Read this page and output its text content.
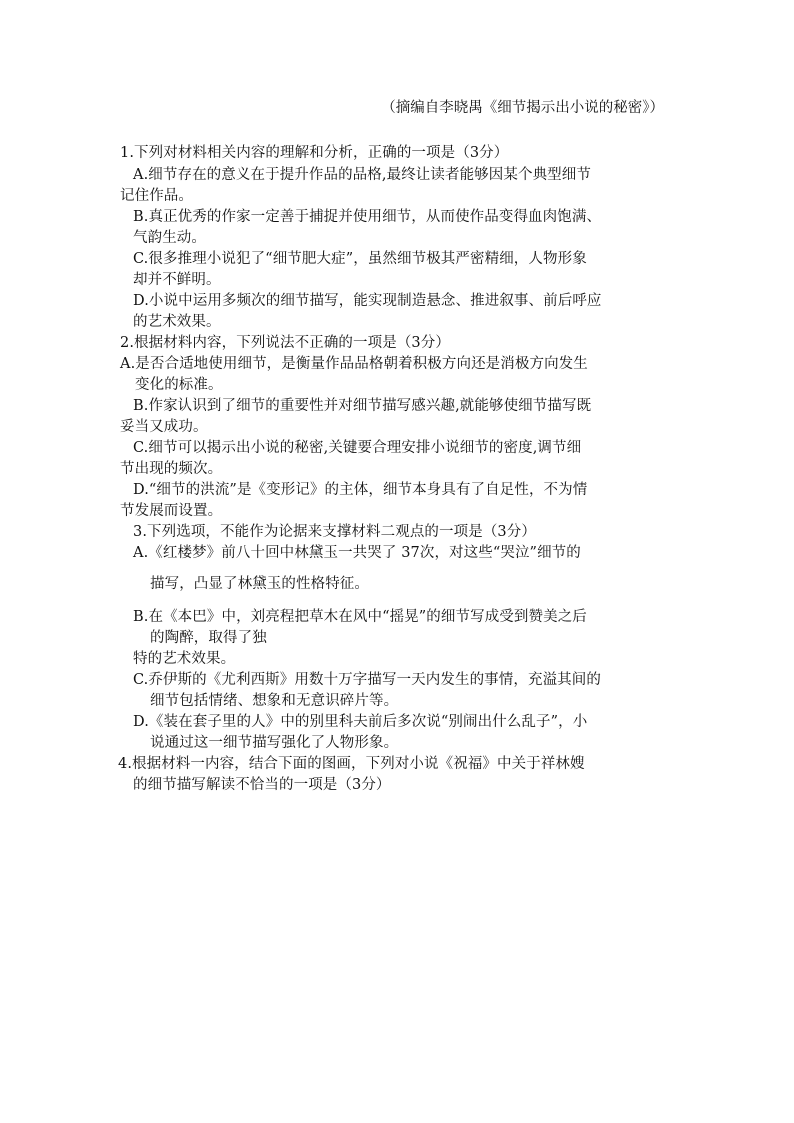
（摘编自李晓禺《细节揭示出小说的秘密》）
1.下列对材料相关内容的理解和分析，正确的一项是（3分）
A.细节存在的意义在于提升作品的品格,最终让读者能够因某个典型细节
记住作品。
B.真正优秀的作家一定善于捕捉并使用细节，从而使作品变得血肉饱满、
气韵生动。
C.很多推理小说犯了“细节肥大症”，虽然细节极其严密精细，人物形象
却并不鲜明。
D.小说中运用多频次的细节描写，能实现制造悬念、推进叙事、前后呼应
的艺术效果。
2.根据材料内容，下列说法不正确的一项是（3分）
A.是否合适地使用细节，是衡量作品品格朝着积极方向还是消极方向发生
变化的标准。
B.作家认识到了细节的重要性并对细节描写感兴趣,就能够使细节描写既
妥当又成功。
C.细节可以揭示出小说的秘密,关键要合理安排小说细节的密度,调节细
节出现的频次。
D.“细节的洪流”是《变形记》的主体，细节本身具有了自足性，不为情
节发展而设置。
3.下列选项，不能作为论据来支撑材料二观点的一项是（3分）
A.《红楼梦》前八十回中林黛玉一共哭了 37次，对这些“哭泣”细节的
描写，凸显了林黛玉的性格特征。
B.在《本巴》中，刘亮程把草木在风中“摇晃”的细节写成受到赞美之后
的陶醉，取得了独
特的艺术效果。
C.乔伊斯的《尤利西斯》用数十万字描写一天内发生的事情，充溢其间的
细节包括情绪、想象和无意识碎片等。
D.《装在套子里的人》中的别里科夫前后多次说“别闹出什么乱子”，小
说通过这一细节描写强化了人物形象。
4.根据材料一内容，结合下面的图画，下列对小说《祝福》中关于祥林嫂
的细节描写解读不恰当的一项是（3分）
